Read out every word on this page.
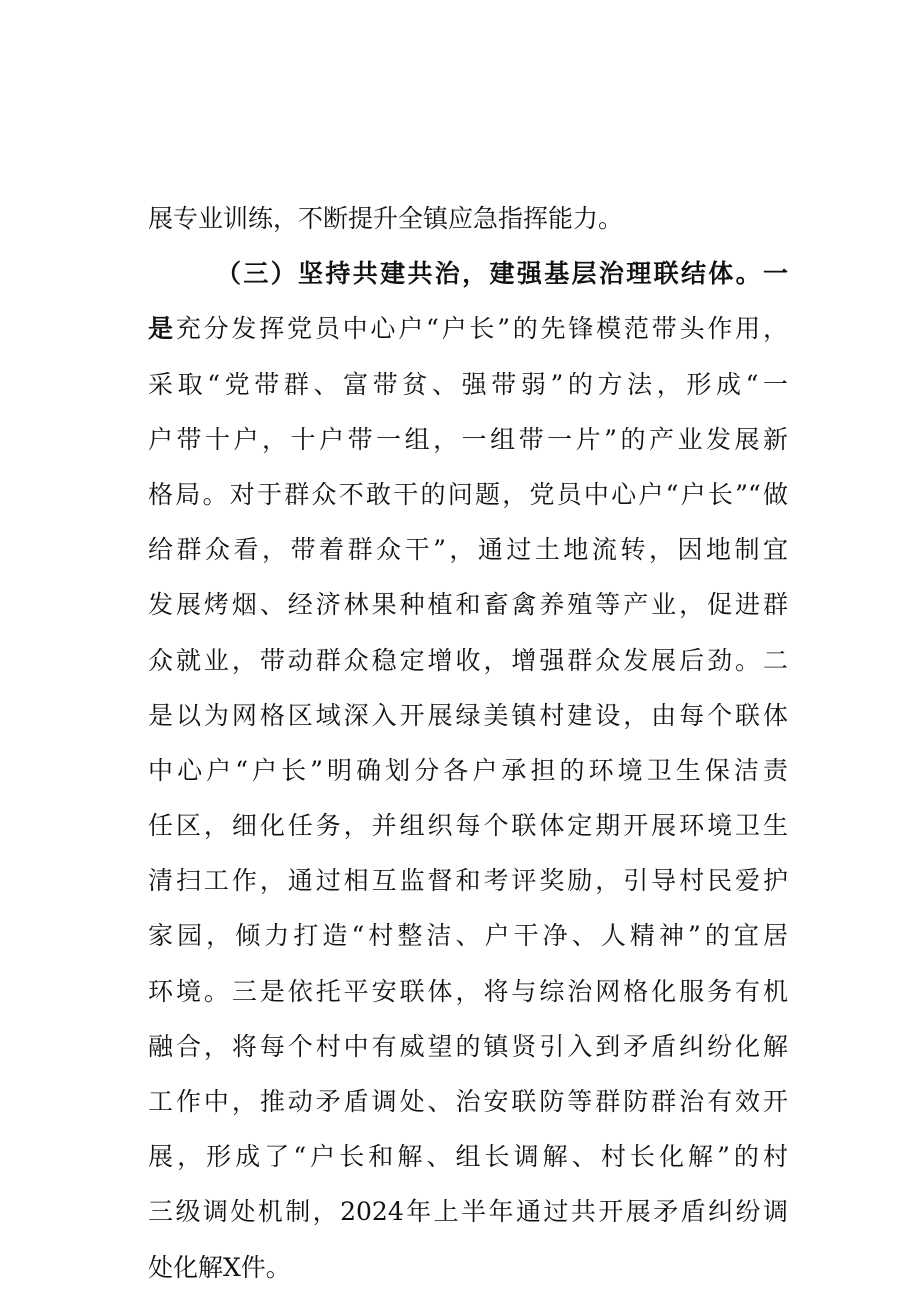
展专业训练，不断提升全镇应急指挥能力。
（三）坚持共建共治，建强基层治理联结体。一
是充分发挥党员中心户“户长”的先锋模范带头作用，
采取“党带群、富带贫、强带弱”的方法，形成“一
户带十户，十户带一组，一组带一片”的产业发展新
格局。对于群众不敢干的问题，党员中心户“户长”“做
给群众看，带着群众干”，通过土地流转，因地制宜
发展烤烟、经济林果种植和畜禽养殖等产业，促进群
众就业，带动群众稳定增收，增强群众发展后劲。二
是以为网格区域深入开展绿美镇村建设，由每个联体
中心户“户长”明确划分各户承担的环境卫生保洁责
任区，细化任务，并组织每个联体定期开展环境卫生
清扫工作，通过相互监督和考评奖励，引导村民爱护
家园，倾力打造“村整洁、户干净、人精神”的宜居
环境。三是依托平安联体，将与综治网格化服务有机
融合，将每个村中有威望的镇贤引入到矛盾纠纷化解
工作中，推动矛盾调处、治安联防等群防群治有效开
展，形成了“户长和解、组长调解、村长化解”的村
三级调处机制，2024年上半年通过共开展矛盾纠纷调
处化解X件。
